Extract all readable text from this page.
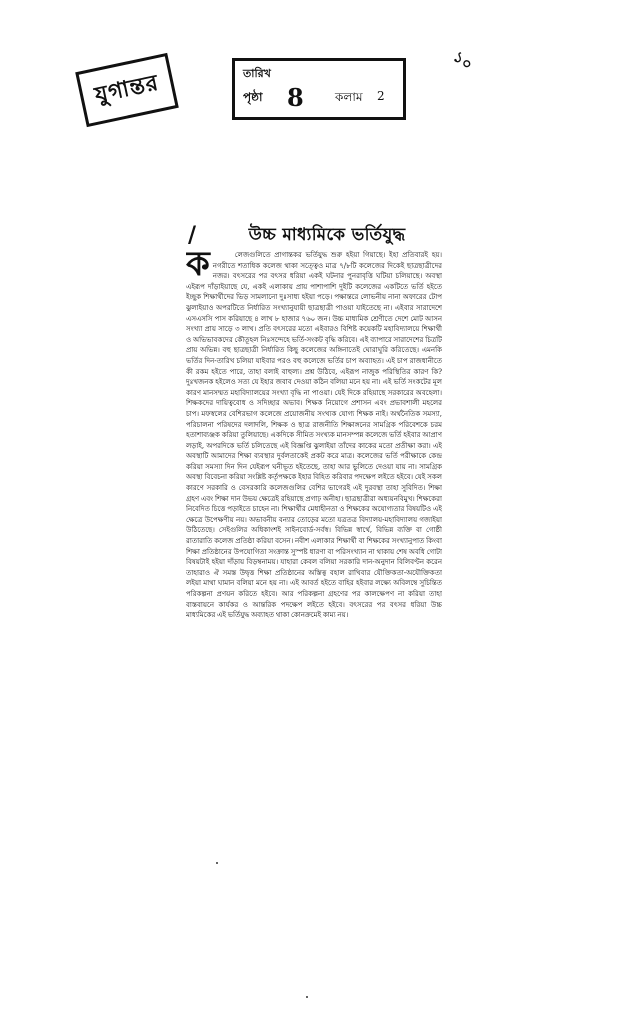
যুগান্তর	তারিখ
পৃষ্ঠা 8	কলাম 2
১০
/	উচ্চ মাধ্যমিকে ভর্তিযুদ্ধ
ক	লেজগুলিতে প্রাগান্তকর ভর্তিযুদ্ধ শুরু হইয়া গিয়াছে। ইহা প্রতিবারই হয়। নগরীতে শতাধিক কলেজ থাকা সত্ত্বেও মাত্র ৭/৮টি কলেজের দিকেই ছাত্রছাত্রীদের নজর। বৎসরের পর বৎসর ধরিয়া একই ঘটনার পুনরাবৃত্তি ঘটিয়া চলিয়াছে। অবস্থা এইরূপ দাঁড়াইয়াছে যে, একই এলাকায় প্রায় পাশাপাশি দুইটি কলেজের একটিতে ভর্তি হইতে ইচ্ছুক শিক্ষার্থীদের ভিড় সামলানো দুঃসাধ্য হইয়া পড়ে। পক্ষান্তরে লোভনীয় নানা অফারের টোপ ঝুলাইয়াও অপরটিতে নির্ধারিত সংখ্যানুযায়ী ছাত্রছাত্রী পাওয়া যাইতেছে না। এইবার সারাদেশে এসএসসি পাস করিয়াছে ৪ লাখ ৮ হাজার ৭৬০ জন। উচ্চ মাধ্যমিক শ্রেণীতে দেশে মোট আসন সংখ্যা প্রায় সাড়ে ৩ লাখ। প্রতি বৎসরের মতো এইবারও বিশিষ্ট কয়েকটি মহাবিদ্যালয়ে শিক্ষার্থী ও অভিভাবকদের কৌতূহল নিঃসন্দেহে ভর্তি-সংকট বৃদ্ধি করিবে। এই ব্যাপারে সারাদেশের চিত্রটি প্রায় অভিন্ন। বহু ছাত্রছাত্রী নির্ধারিত কিছু কলেজের অঙ্গিনাতেই ঘোরাঘুরি করিতেছে। এমনকি ভর্তির দিন-তারিখ চলিয়া যাইবার পরও বহু কলেজে ভর্তির চাপ অব্যাহত। এই চাপ রাজধানীতে কী রকম হইতে পারে, তাহা বলাই বাহুল্য। প্রশ্ন উঠিবে, এইরূপ নাজুক পরিস্থিতির কারণ কি? দুঃখজনক হইলেও সত্য যে ইহার জবাব দেওয়া কঠিন বলিয়া মনে হয় না। এই ভর্তি সংকটের মূল কারণ মানসম্মত মহাবিদ্যালয়ের সংখ্যা বৃদ্ধি না পাওয়া। যেই দিকে রহিয়াছে সরকারের অবহেলা। শিক্ষকদের দায়িত্ববোধ ও সদিচ্ছার অভাব। শিক্ষক নিয়োগে প্রশাসন এবং প্রভাবশালী মহলের চাপ। মফস্বলের বেশিরভাগ কলেজে প্রয়োজনীয় সংখ্যক যোগ্য শিক্ষক নাই। অর্থনৈতিক সমস্যা, পরিচালনা পরিষদের দলাদলি, শিক্ষক ও ছাত্র রাজনীতি শিক্ষাঙ্গনের সামগ্রিক পরিবেশকে চরম হতাশাব্যঞ্জক করিয়া তুলিয়াছে। একদিকে সীমিত সংখ্যক মানসম্পন্ন কলেজে ভর্তি হইবার আপ্রাণ লড়াই, অপরদিকে ভর্তি চলিতেছে এই বিজ্ঞপ্তি ঝুলাইয়া তাঁদের কাকের মতো প্রতীক্ষা করা। এই অবস্থাটি আমাদের শিক্ষা ব্যবস্থার দুর্বলতাকেই প্রকট করে মাত্র। কলেজের ভর্তি পরীক্ষাকে কেন্দ্র করিয়া সমস্যা দিন দিন যেইরূপ ঘনীভূত হইতেছে, তাহা আর ভুলিতে দেওয়া যায় না। সামগ্রিক অবস্থা বিবেচনা করিয়া সংশ্লিষ্ট কর্তৃপক্ষকে ইহার বিহিত করিবার পদক্ষেপ লইতে হইবে। যেই সকল কারণে সরকারি ও বেসরকারি কলেজগুলির বেশির ভাগেরই এই দুরবস্থা তাহা সুবিদিত। শিক্ষা গ্রহণ এবং শিক্ষা দান উভয় ক্ষেত্রেই রহিয়াছে প্রগাঢ় অনীহা। ছাত্রছাত্রীরা অধ্যয়নবিমুখ। শিক্ষকেরা নিবেদিত চিত্তে পড়াইতে চাহেন না। শিক্ষার্থীর মেধাহীনতা ও শিক্ষকের অযোগ্যতার বিষয়টিও এই ক্ষেত্রে উপেক্ষণীয় নয়। অভাবনীয় বন্যার তোড়ের মতো যত্রতত্র বিদ্যালয়-মহাবিদ্যালয় গজাইয়া উঠিতেছে। সেইগুলির অধিকাংশই সাইনবোর্ড-সর্বস্ব। বিভিন্ন স্বার্থে, বিভিন্ন ব্যক্তি বা গোষ্ঠী রাতারাতি কলেজ প্রতিষ্ঠা করিয়া বসেন। নবীশ এলাকার শিক্ষার্থী বা শিক্ষকের সংখ্যানুপাত কিংবা শিক্ষা প্রতিষ্ঠানের উপযোগিতা সংক্রান্ত সুস্পষ্ট ধারণা বা পরিসংখ্যান না থাকায় শেষ অবধি গোটা বিষয়টাই হইয়া দাঁড়ায় বিড়ম্বনাময়। যাহারা কেবল বলিয়া সরকারি দান-অনুদান বিলিবণ্টন করেন তাহারাও ঐ সমস্ত উদ্বৃত্ত শিক্ষা প্রতিষ্ঠানের অস্তিত্ব বহাল রাখিবার যৌক্তিকতা-অযৌক্তিকতা লইয়া মাথা ঘামান বলিয়া মনে হয় না। এই আবর্ত হইতে বাহির হইবার লক্ষ্যে অবিলম্বে সুচিন্তিত পরিকল্পনা প্রণয়ন করিতে হইবে। আর পরিকল্পনা গ্রহণের পর কালক্ষেপণ না করিয়া তাহা বাস্তবায়নে কার্যকর ও আন্তরিক পদক্ষেপ লইতে হইবে। বৎসরের পর বৎসর ধরিয়া উচ্চ মাধ্যমিকের এই ভর্তিযুদ্ধ অব্যাহত থাকা কোনক্রমেই কাম্য নয়।
